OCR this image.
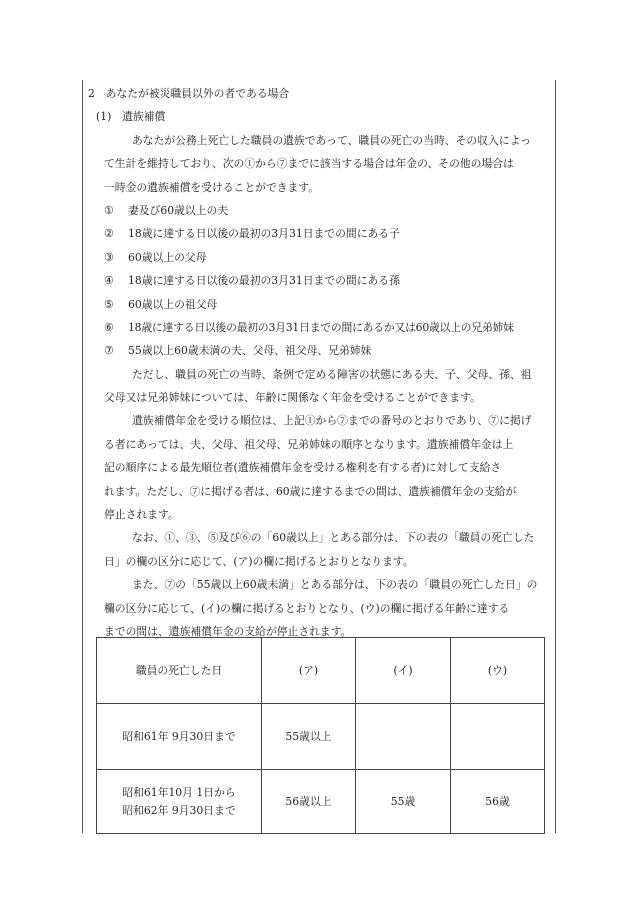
2　あなたが被災職員以外の者である場合
(1)　遺族補償
あなたが公務上死亡した職員の遺族であって、職員の死亡の当時、その収入によっ
て生計を維持しており、次の①から⑦までに該当する場合は年金の、その他の場合は
一時金の遺族補償を受けることができます。
① 妻及び60歳以上の夫
② 18歳に達する日以後の最初の3月31日までの間にある子
③ 60歳以上の父母
④ 18歳に達する日以後の最初の3月31日までの間にある孫
⑤ 60歳以上の祖父母
⑥ 18歳に達する日以後の最初の3月31日までの間にあるか又は60歳以上の兄弟姉妹
⑦ 55歳以上60歳未満の夫、父母、祖父母、兄弟姉妹
ただし、職員の死亡の当時、条例で定める障害の状態にある夫、子、父母、孫、祖
父母又は兄弟姉妹については、年齢に関係なく年金を受けることができます。
遺族補償年金を受ける順位は、上記①から⑦までの番号のとおりであり、⑦に掲げ
る者にあっては、夫、父母、祖父母、兄弟姉妹の順序となります。遺族補償年金は上
記の順序による最先順位者(遺族補償年金を受ける権利を有する者)に対して支給さ
れます。ただし、⑦に掲げる者は、60歳に達するまでの間は、遺族補償年金の支給が
停止されます。
なお、①、③、⑤及び⑥の「60歳以上」とある部分は、下の表の「職員の死亡した
日」の欄の区分に応じて、(ア)の欄に掲げるとおりとなります。
また、⑦の「55歳以上60歳未満」とある部分は、下の表の「職員の死亡した日」の
欄の区分に応じて、(イ)の欄に掲げるとおりとなり、(ウ)の欄に掲げる年齢に達する
までの間は、遺族補償年金の支給が停止されます。
職員の死亡した日	(ア)	(イ)	(ウ)

昭和61年 9月30日まで	55歳以上		

昭和61年10月 1日から
昭和62年 9月30日まで	56歳以上	55歳	56歳
